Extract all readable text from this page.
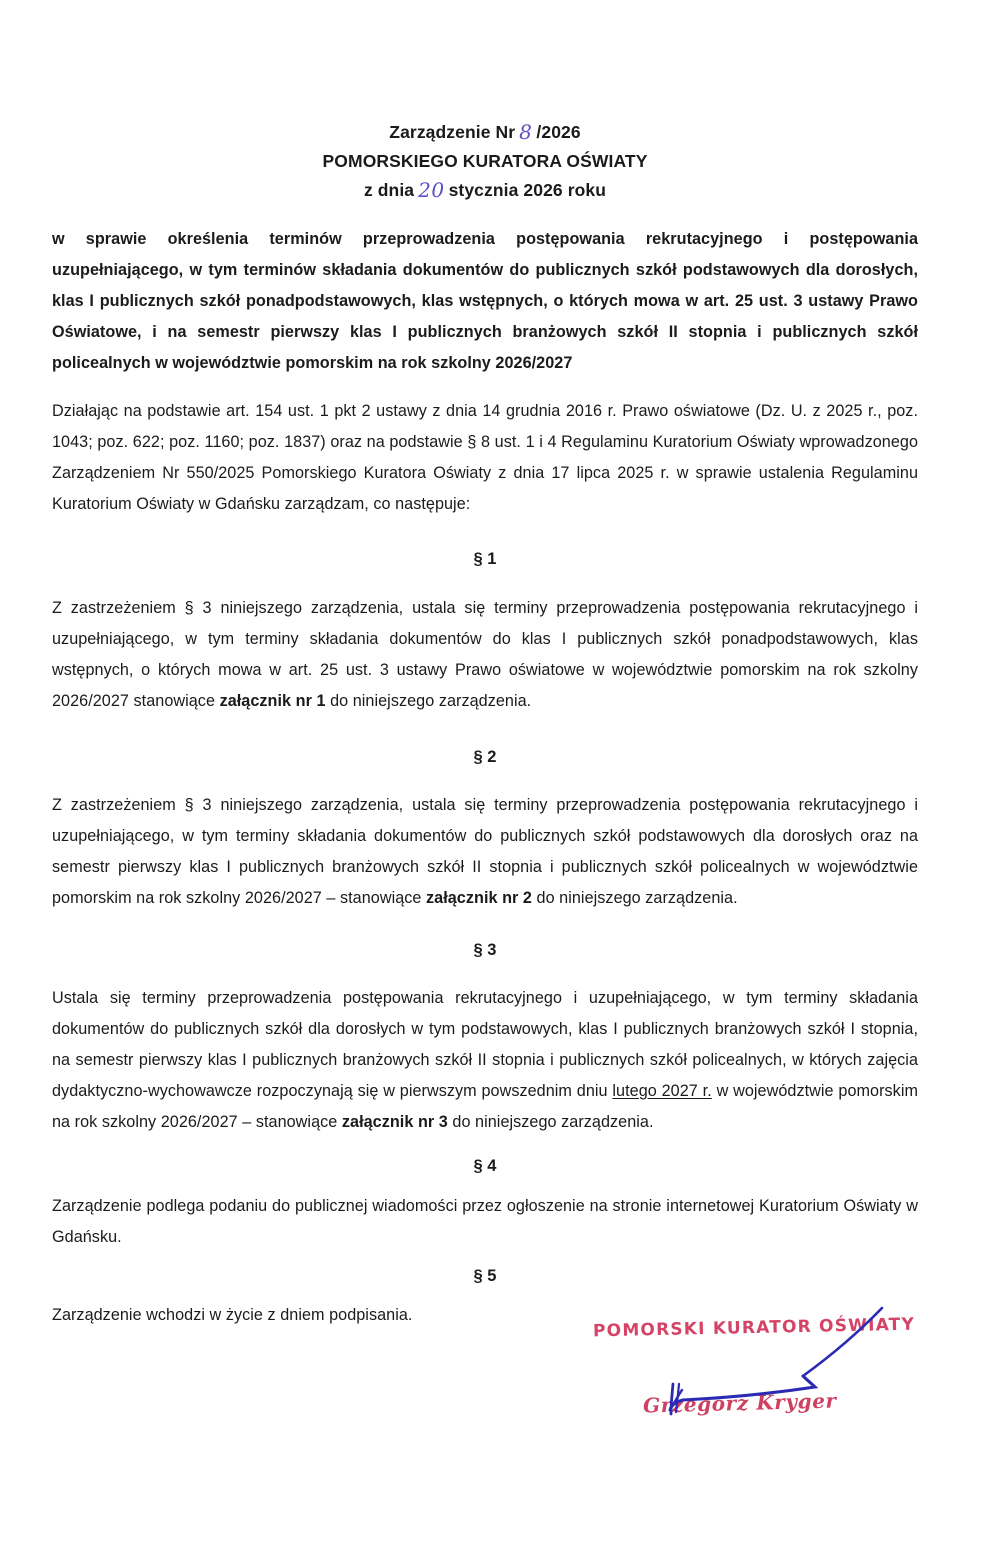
Zarządzenie Nr 8 /2026
POMORSKIEGO KURATORA OŚWIATY
z dnia 20 stycznia 2026 roku
w sprawie określenia terminów przeprowadzenia postępowania rekrutacyjnego i postępowania uzupełniającego, w tym terminów składania dokumentów do publicznych szkół podstawowych dla dorosłych, klas I publicznych szkół ponadpodstawowych, klas wstępnych, o których mowa w art. 25 ust. 3 ustawy Prawo Oświatowe, i na semestr pierwszy klas I publicznych branżowych szkół II stopnia i publicznych szkół policealnych w województwie pomorskim na rok szkolny 2026/2027
Działając na podstawie art. 154 ust. 1 pkt 2 ustawy z dnia 14 grudnia 2016 r. Prawo oświatowe (Dz. U. z 2025 r., poz. 1043; poz. 622; poz. 1160; poz. 1837) oraz na podstawie § 8 ust. 1 i 4 Regulaminu Kuratorium Oświaty wprowadzonego Zarządzeniem Nr 550/2025 Pomorskiego Kuratora Oświaty z dnia 17 lipca 2025 r. w sprawie ustalenia Regulaminu Kuratorium Oświaty w Gdańsku zarządzam, co następuje:
§ 1
Z zastrzeżeniem § 3 niniejszego zarządzenia, ustala się terminy przeprowadzenia postępowania rekrutacyjnego i uzupełniającego, w tym terminy składania dokumentów do klas I publicznych szkół ponadpodstawowych, klas wstępnych, o których mowa w art. 25 ust. 3 ustawy Prawo oświatowe w województwie pomorskim na rok szkolny 2026/2027 stanowiące załącznik nr 1 do niniejszego zarządzenia.
§ 2
Z zastrzeżeniem § 3 niniejszego zarządzenia, ustala się terminy przeprowadzenia postępowania rekrutacyjnego i uzupełniającego, w tym terminy składania dokumentów do publicznych szkół podstawowych dla dorosłych oraz na semestr pierwszy klas I publicznych branżowych szkół II stopnia i publicznych szkół policealnych w województwie pomorskim na rok szkolny 2026/2027 – stanowiące załącznik nr 2 do niniejszego zarządzenia.
§ 3
Ustala się terminy przeprowadzenia postępowania rekrutacyjnego i uzupełniającego, w tym terminy składania dokumentów do publicznych szkół dla dorosłych w tym podstawowych, klas I publicznych branżowych szkół I stopnia, na semestr pierwszy klas I publicznych branżowych szkół II stopnia i publicznych szkół policealnych, w których zajęcia dydaktyczno-wychowawcze rozpoczynają się w pierwszym powszednim dniu lutego 2027 r. w województwie pomorskim na rok szkolny 2026/2027 – stanowiące załącznik nr 3 do niniejszego zarządzenia.
§ 4
Zarządzenie podlega podaniu do publicznej wiadomości przez ogłoszenie na stronie internetowej Kuratorium Oświaty w Gdańsku.
§ 5
Zarządzenie wchodzi w życie z dniem podpisania.	POMORSKI KURATOR OŚWIATY
Grzegorz Kryger
